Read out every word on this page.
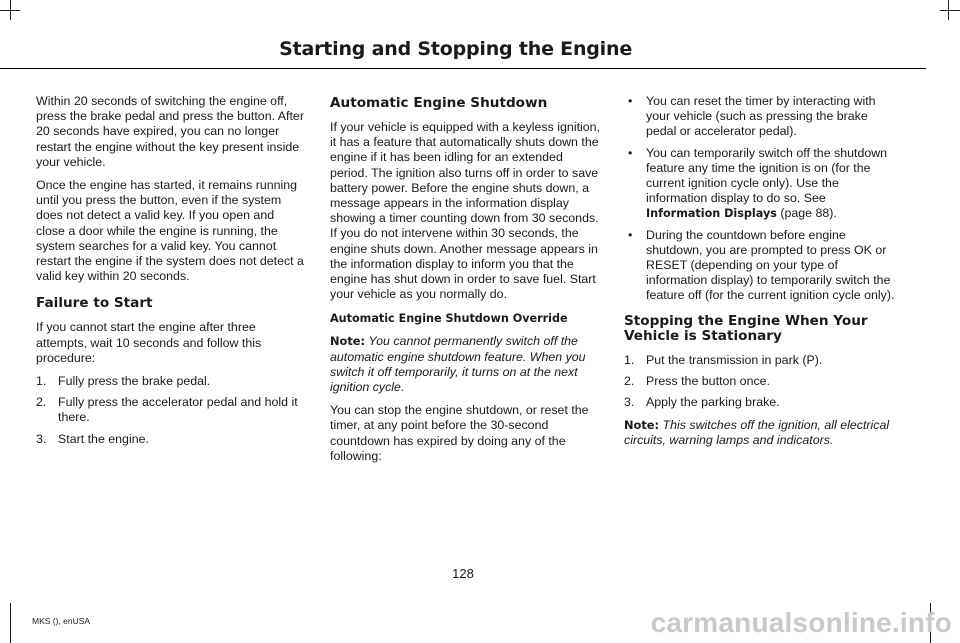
Starting and Stopping the Engine

Within 20 seconds of switching the engine off, press the brake pedal and press the button. After 20 seconds have expired, you can no longer restart the engine without the key present inside your vehicle.

Once the engine has started, it remains running until you press the button, even if the system does not detect a valid key. If you open and close a door while the engine is running, the system searches for a valid key. You cannot restart the engine if the system does not detect a valid key within 20 seconds.

Failure to Start

If you cannot start the engine after three attempts, wait 10 seconds and follow this procedure:

1. Fully press the brake pedal.
2. Fully press the accelerator pedal and hold it there.
3. Start the engine.
Automatic Engine Shutdown

If your vehicle is equipped with a keyless ignition, it has a feature that automatically shuts down the engine if it has been idling for an extended period. The ignition also turns off in order to save battery power. Before the engine shuts down, a message appears in the information display showing a timer counting down from 30 seconds. If you do not intervene within 30 seconds, the engine shuts down. Another message appears in the information display to inform you that the engine has shut down in order to save fuel. Start your vehicle as you normally do.

Automatic Engine Shutdown Override

Note: You cannot permanently switch off the automatic engine shutdown feature. When you switch it off temporarily, it turns on at the next ignition cycle.

You can stop the engine shutdown, or reset the timer, at any point before the 30-second countdown has expired by doing any of the following:

• You can reset the timer by interacting with your vehicle (such as pressing the brake pedal or accelerator pedal).
• You can temporarily switch off the shutdown feature any time the ignition is on (for the current ignition cycle only). Use the information display to do so. See Information Displays (page 88).
• During the countdown before engine shutdown, you are prompted to press OK or RESET (depending on your type of information display) to temporarily switch the feature off (for the current ignition cycle only).
Stopping the Engine When Your Vehicle is Stationary
1. Put the transmission in park (P).
2. Press the button once.
3. Apply the parking brake.

Note: This switches off the ignition, all electrical circuits, warning lamps and indicators.

128
MKS (), enUSA	carmanualsonline.info
